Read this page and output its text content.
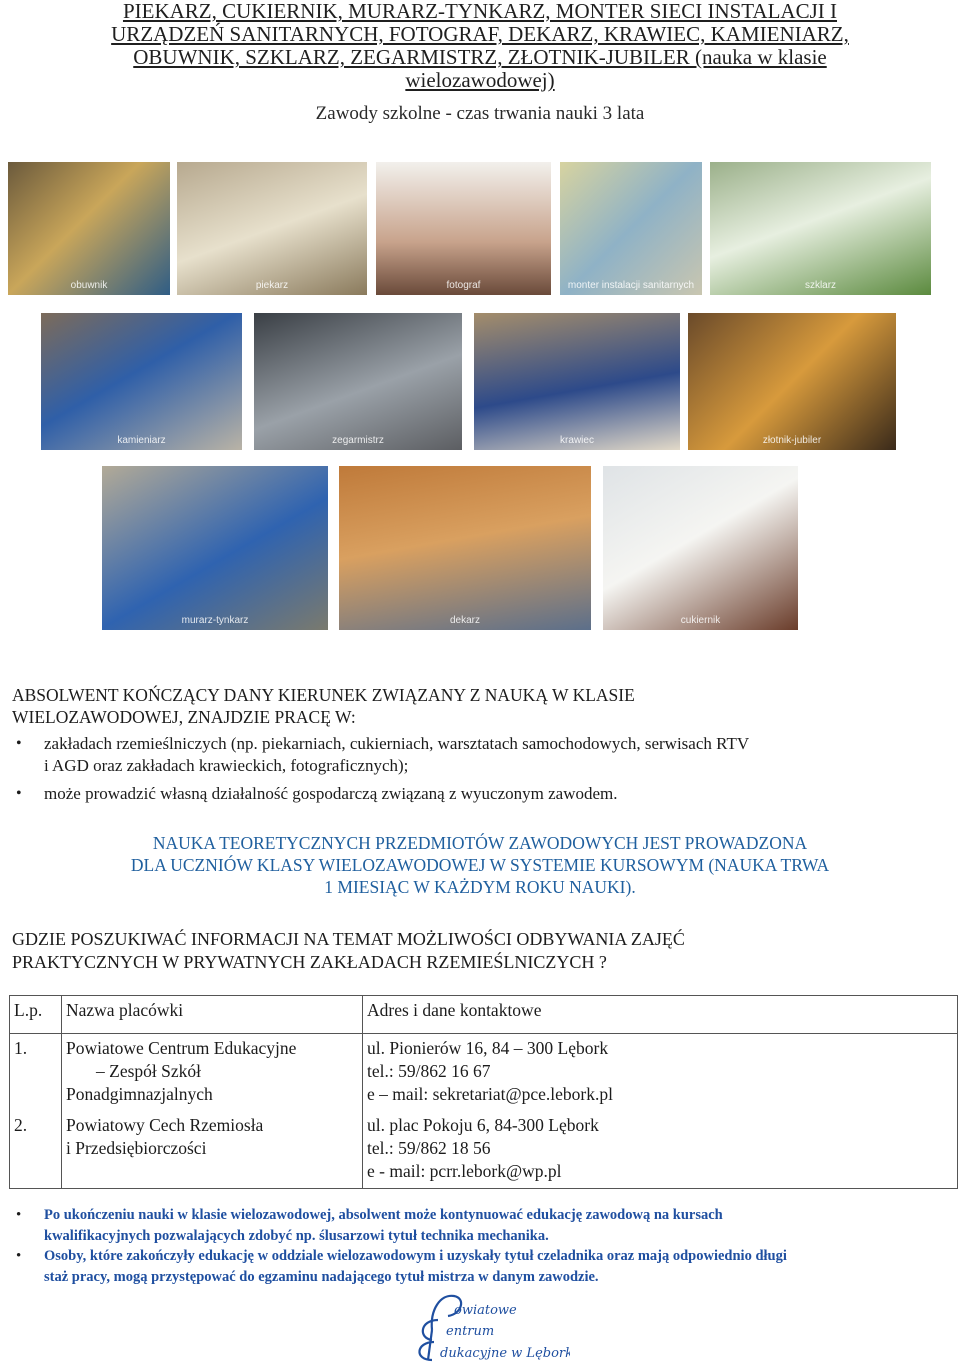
PIEKARZ, CUKIERNIK, MURARZ-TYNKARZ, MONTER SIECI INSTALACJI I
URZĄDZEŃ SANITARNYCH, FOTOGRAF, DEKARZ, KRAWIEC, KAMIENIARZ,
OBUWNIK, SZKLARZ, ZEGARMISTRZ, ZŁOTNIK-JUBILER (nauka w klasie
wielozawodowej)
Zawody szkolne - czas trwania nauki 3 lata
obuwnik	piekarz	fotograf	monter instalacji sanitarnych	szklarz
kamieniarz	zegarmistrz	krawiec	złotnik-jubiler
murarz-tynkarz	dekarz	cukiernik
ABSOLWENT KOŃCZĄCY DANY KIERUNEK ZWIĄZANY Z NAUKĄ W KLASIE
WIELOZAWODOWEJ, ZNAJDZIE PRACĘ W:
• zakładach rzemieślniczych (np. piekarniach, cukierniach, warsztatach samochodowych, serwisach RTV
i AGD oraz zakładach krawieckich, fotograficznych);
• może prowadzić własną działalność gospodarczą związaną z wyuczonym zawodem.
NAUKA TEORETYCZNYCH PRZEDMIOTÓW ZAWODOWYCH JEST PROWADZONA
DLA UCZNIÓW KLASY WIELOZAWODOWEJ W SYSTEMIE KURSOWYM (NAUKA TRWA
1 MIESIĄC W KAŻDYM ROKU NAUKI).
GDZIE POSZUKIWAĆ INFORMACJI NA TEMAT MOŻLIWOŚCI ODBYWANIA ZAJĘĆ
PRAKTYCZNYCH W PRYWATNYCH ZAKŁADACH RZEMIEŚLNICZYCH ?
L.p.	Nazwa placówki	Adres i dane kontaktowe
1.	Powiatowe Centrum Edukacyjne
– Zespół Szkół
Ponadgimnazjalnych	ul. Pionierów 16, 84 – 300 Lębork
tel.: 59/862 16 67
e – mail: sekretariat@pce.lebork.pl

2.	Powiatowy Cech Rzemiosła
i Przedsiębiorczości	ul. plac Pokoju 6, 84-300 Lębork
tel.: 59/862 18 56
e - mail: pcrr.lebork@wp.pl
• Po ukończeniu nauki w klasie wielozawodowej, absolwent może kontynuować edukację zawodową na kursach
kwalifikacyjnych pozwalających zdobyć np. ślusarzowi tytuł technika mechanika.
• Osoby, które zakończyły edukację w oddziale wielozawodowym i uzyskały tytuł czeladnika oraz mają odpowiednio długi
staż pracy, mogą przystępować do egzaminu nadającego tytuł mistrza w danym zawodzie.
owiatowe
entrum
dukacyjne w Lęborku
